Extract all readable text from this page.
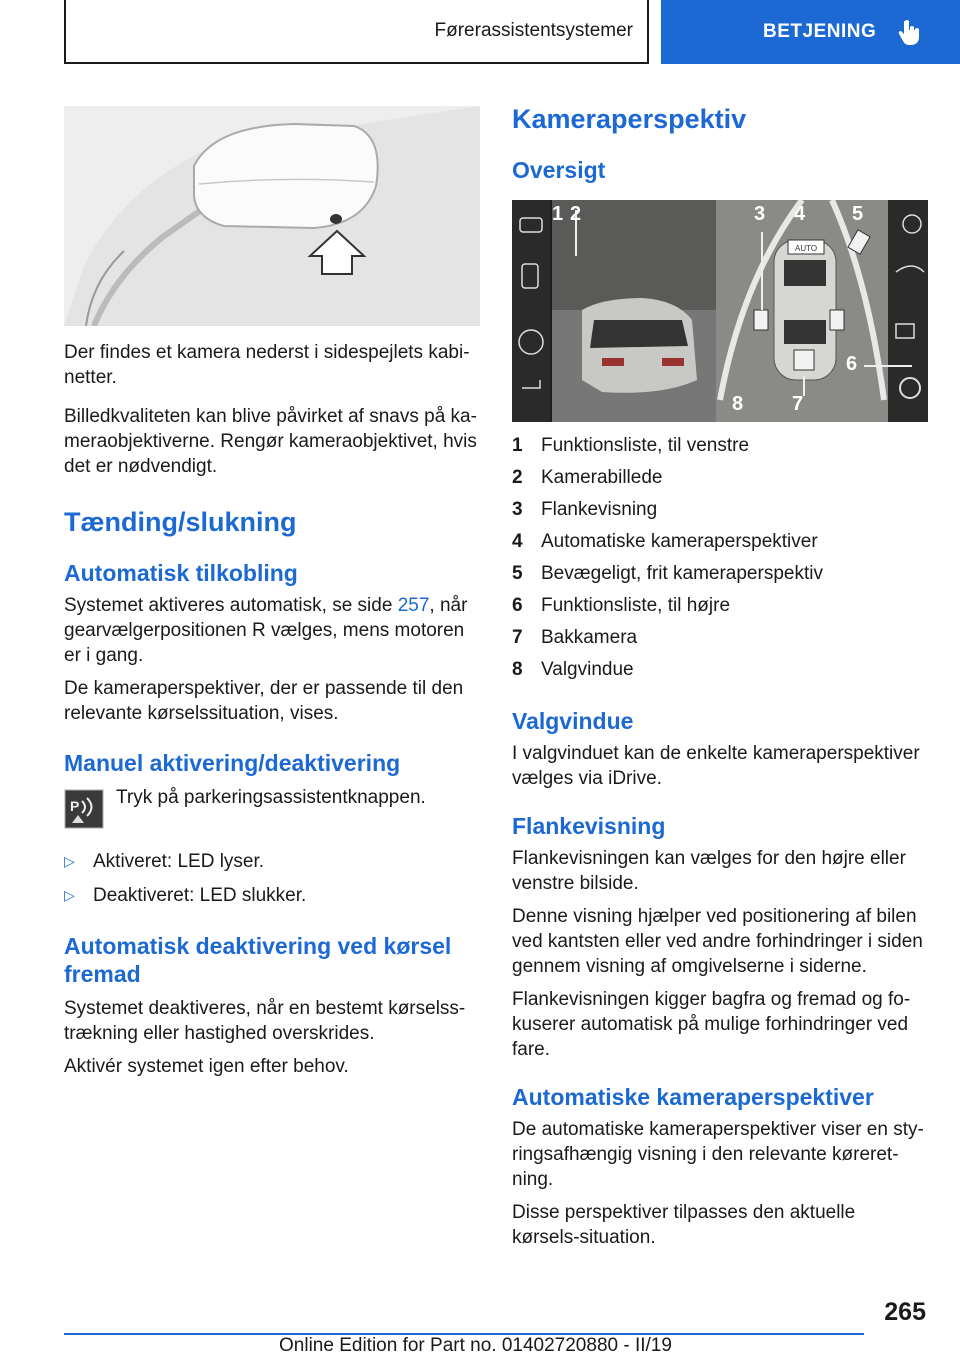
Førerassistentsystemer	BETJENING

Der findes et kamera nederst i sidespejlets kabi-netter.

Billedkvaliteten kan blive påvirket af snavs på ka-meraobjektiverne. Rengør kameraobjektivet, hvis det er nødvendigt.

Tænding/slukning
Automatisk tilkobling

Systemet aktiveres automatisk, se side 257, når gearvælgerpositionen R vælges, mens motoren er i gang.

De kameraperspektiver, der er passende til den relevante kørselssituation, vises.

Manuel aktivering/deaktivering
P Tryk på parkeringsassistentknappen.

▷ Aktiveret: LED lyser.
▷ Deaktiveret: LED slukker.
Automatisk deaktivering ved kørsel fremad

Systemet deaktiveres, når en bestemt kørselss-trækning eller hastighed overskrides.

Aktivér systemet igen efter behov.

Kameraperspektiv
Oversigt
AUTO
1 2	3 4 5
6
7
8
1 Funktionsliste, til venstre
2 Kamerabillede
3 Flankevisning
4 Automatiske kameraperspektiver
5 Bevægeligt, frit kameraperspektiv
6 Funktionsliste, til højre
7 Bakkamera
8 Valgvindue
Valgvindue

I valgvinduet kan de enkelte kameraperspektiver vælges via iDrive.

Flankevisning

Flankevisningen kan vælges for den højre eller venstre bilside.

Denne visning hjælper ved positionering af bilen ved kantsten eller ved andre forhindringer i siden gennem visning af omgivelserne i siderne.

Flankevisningen kigger bagfra og fremad og fo-kuserer automatisk på mulige forhindringer ved fare.

Automatiske kameraperspektiver

De automatiske kameraperspektiver viser en sty-ringsafhængig visning i den relevante køreret-ning.

Disse perspektiver tilpasses den aktuelle kørsels-situation.

265
Online Edition for Part no. 01402720880 - II/19
